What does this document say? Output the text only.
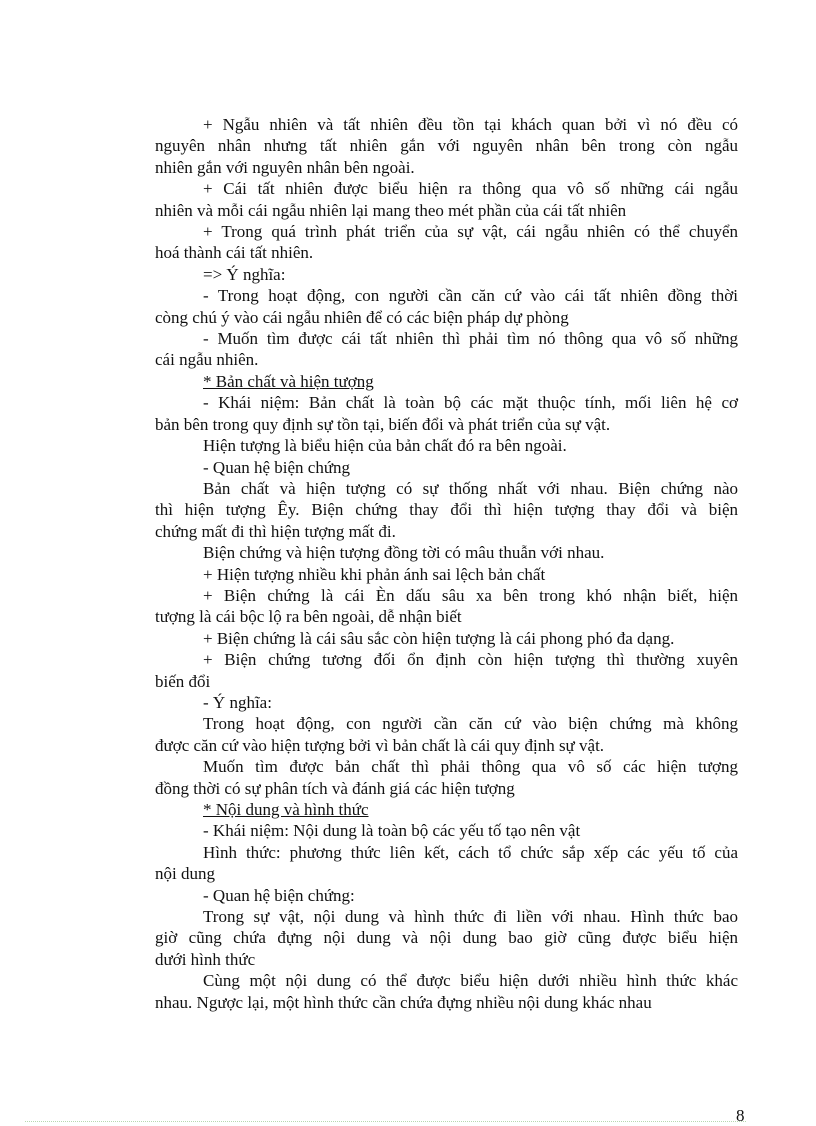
+ Ngẫu nhiên và tất nhiên đều tồn tại khách quan bởi vì nó đều có
nguyên nhân nhưng tất nhiên gắn với nguyên nhân bên trong còn ngẫu
nhiên gắn với nguyên nhân bên ngoài.
+ Cái tất nhiên được biểu hiện ra thông qua vô số những cái ngẫu
nhiên và mỗi cái ngẫu nhiên lại mang theo mét phần của cái tất nhiên
+ Trong quá trình phát triển của sự vật, cái ngẫu nhiên có thể chuyển
hoá thành cái tất nhiên.
=> Ý nghĩa:
- Trong hoạt động, con người cần căn cứ vào cái tất nhiên đồng thời
còng chú ý vào cái ngẫu nhiên để có các biện pháp dự phòng
- Muốn tìm được cái tất nhiên thì phải tìm nó thông qua vô số những
cái ngẫu nhiên.
* Bản chất và hiện tượng
- Khái niệm: Bản chất là toàn bộ các mặt thuộc tính, mối liên hệ cơ
bản bên trong quy định sự tồn tại, biến đổi và phát triển của sự vật.
Hiện tượng là biểu hiện của bản chất đó ra bên ngoài.
- Quan hệ biện chứng
Bản chất và hiện tượng có sự thống nhất với nhau. Biện chứng nào
thì hiện tượng Êy. Biện chứng thay đổi thì hiện tượng thay đổi và biện
chứng mất đi thì hiện tượng mất đi.
Biện chứng và hiện tượng đồng tời có mâu thuẫn với nhau.
+ Hiện tượng nhiều khi phản ánh sai lệch bản chất
+ Biện chứng là cái Èn dấu sâu xa bên trong khó nhận biết, hiện
tượng là cái bộc lộ ra bên ngoài, dễ nhận biết
+ Biện chứng là cái sâu sắc còn hiện tượng là cái phong phó đa dạng.
+ Biện chứng tương đối ổn định còn hiện tượng thì thường xuyên
biến đổi
- Ý nghĩa:
Trong hoạt động, con người cần căn cứ vào biện chứng mà không
được căn cứ vào hiện tượng bởi vì bản chất là cái quy định sự vật.
Muốn tìm được bản chất thì phải thông qua vô số các hiện tượng
đồng thời có sự phân tích và đánh giá các hiện tượng
* Nội dung và hình thức
- Khái niệm: Nội dung là toàn bộ các yếu tố tạo nên vật
Hình thức: phương thức liên kết, cách tổ chức sắp xếp các yếu tố của
nội dung
- Quan hệ biện chứng:
Trong sự vật, nội dung và hình thức đi liền với nhau. Hình thức bao
giờ cũng chứa đựng nội dung và nội dung bao giờ cũng được biểu hiện
dưới hình thức
Cùng một nội dung có thể được biểu hiện dưới nhiều hình thức khác
nhau. Ngược lại, một hình thức cần chứa đựng nhiều nội dung khác nhau
8
